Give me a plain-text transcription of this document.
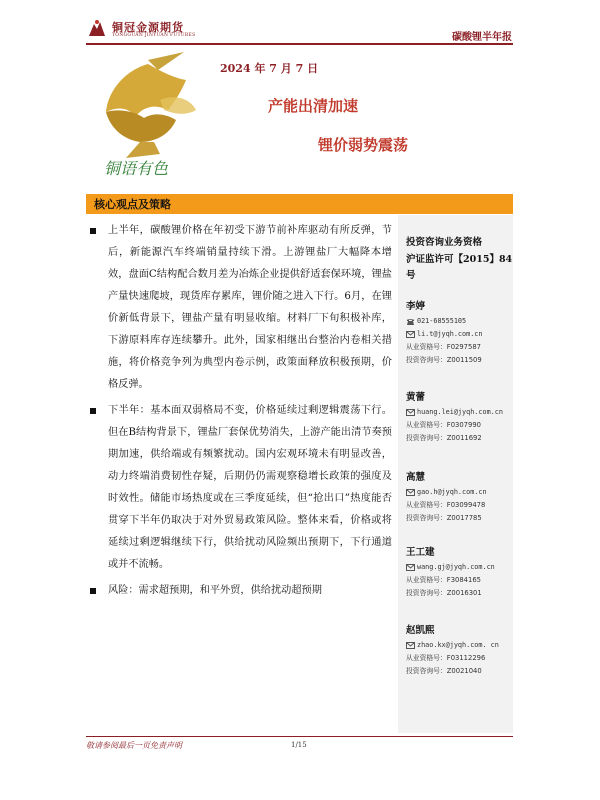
铜冠金源期货
TONGGUAN JINYUAN FUTURES	碳酸锂半年报
铜语有色
2024 年 7 月 7 日
产能出清加速
锂价弱势震荡
核心观点及策略
上半年，碳酸锂价格在年初受下游节前补库驱动有所反弹，节后，新能源汽车终端销量持续下滑。上游锂盐厂大幅降本增效，盘面C结构配合数月差为冶炼企业提供舒适套保环境，锂盐产量快速爬坡，现货库存累库，锂价随之进入下行。6月，在锂价新低背景下，锂盐产量有明显收缩。材料厂下旬积极补库，下游原料库存连续攀升。此外，国家相继出台整治内卷相关措施，将价格竞争列为典型内卷示例，政策面释放积极预期，价格反弹。
下半年：基本面双弱格局不变，价格延续过剩逻辑震荡下行。但在B结构背景下，锂盐厂套保优势消失，上游产能出清节奏预期加速，供给端或有频繁扰动。国内宏观环境未有明显改善，动力终端消费韧性存疑，后期仍仍需观察稳增长政策的强度及时效性。储能市场热度或在三季度延续，但“抢出口”热度能否贯穿下半年仍取决于对外贸易政策风险。整体来看，价格或将延续过剩逻辑继续下行，供给扰动风险频出预期下，下行通道或并不流畅。
风险：需求超预期，和平外贸，供给扰动超预期
投资咨询业务资格
沪证监许可【2015】84 号
李婷
021-68555105
li.t@jyqh.com.cn
从业资格号：F0297587
投资咨询号：Z0011509
黄蕾
huang.lei@jyqh.com.cn
从业资格号：F0307990
投资咨询号：Z0011692
高慧
gao.h@jyqh.com.cn
从业资格号：F03099478
投资咨询号：Z0017785
王工建
wang.gj@jyqh.com.cn
从业资格号：F3084165
投资咨询号：Z0016301
赵凯熙
zhao.kx@jyqh.com. cn
从业资格号：F03112296
投资咨询号：Z0021040
敬请参阅最后一页免责声明	1/15
